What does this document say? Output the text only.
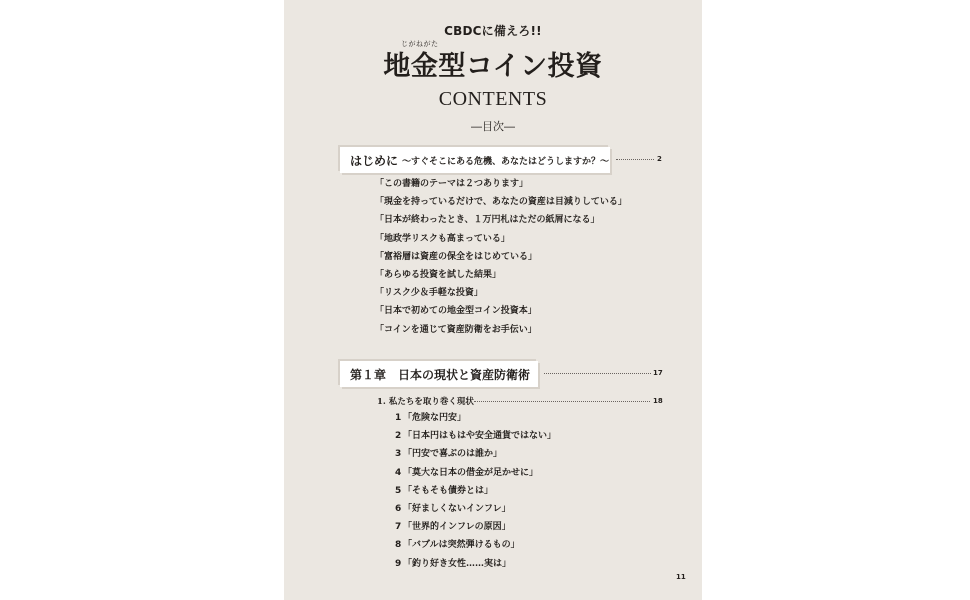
CBDCに備えろ!!
じがねがた
地金型コイン投資
CONTENTS
―目次―
はじめに ～すぐそこにある危機、あなたはどうしますか？～	2
「この書籍のテーマは２つあります」
「現金を持っているだけで、あなたの資産は目減りしている」
「日本が終わったとき、１万円札はただの紙屑になる」
「地政学リスクも高まっている」
「富裕層は資産の保全をはじめている」
「あらゆる投資を試した結果」
「リスク少＆手軽な投資」
「日本で初めての地金型コイン投資本」
「コインを通じて資産防衛をお手伝い」
第１章　日本の現状と資産防衛術	17
1. 私たちを取り巻く現状	18
1 「危険な円安」
2 「日本円はもはや安全通貨ではない」
3 「円安で喜ぶのは誰か」
4 「莫大な日本の借金が足かせに」
5 「そもそも債券とは」
6 「好ましくないインフレ」
7 「世界的インフレの原因」
8 「バブルは突然弾けるもの」
9 「釣り好き女性……実は」
11
